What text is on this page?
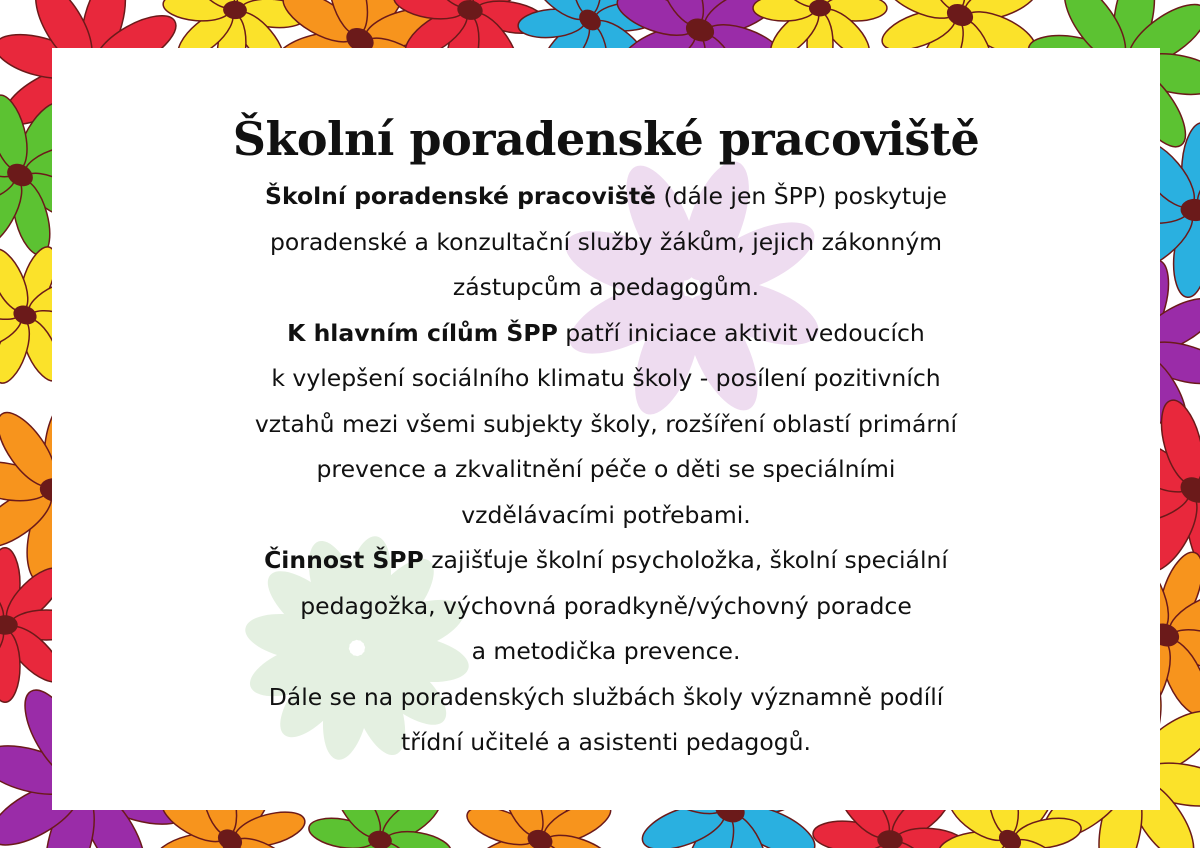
Školní poradenské pracoviště

Školní poradenské pracoviště (dále jen ŠPP) poskytuje
poradenské a konzultační služby žákům, jejich zákonným
zástupcům a pedagogům.

K hlavním cílům ŠPP patří iniciace aktivit vedoucích
k vylepšení sociálního klimatu školy - posílení pozitivních
vztahů mezi všemi subjekty školy, rozšíření oblastí primární
prevence a zkvalitnění péče o děti se speciálními
vzdělávacími potřebami.

Činnost ŠPP zajišťuje školní psycholožka, školní speciální
pedagožka, výchovná poradkyně/výchovný poradce
a metodička prevence.

Dále se na poradenských službách školy významně podílí
třídní učitelé a asistenti pedagogů.
